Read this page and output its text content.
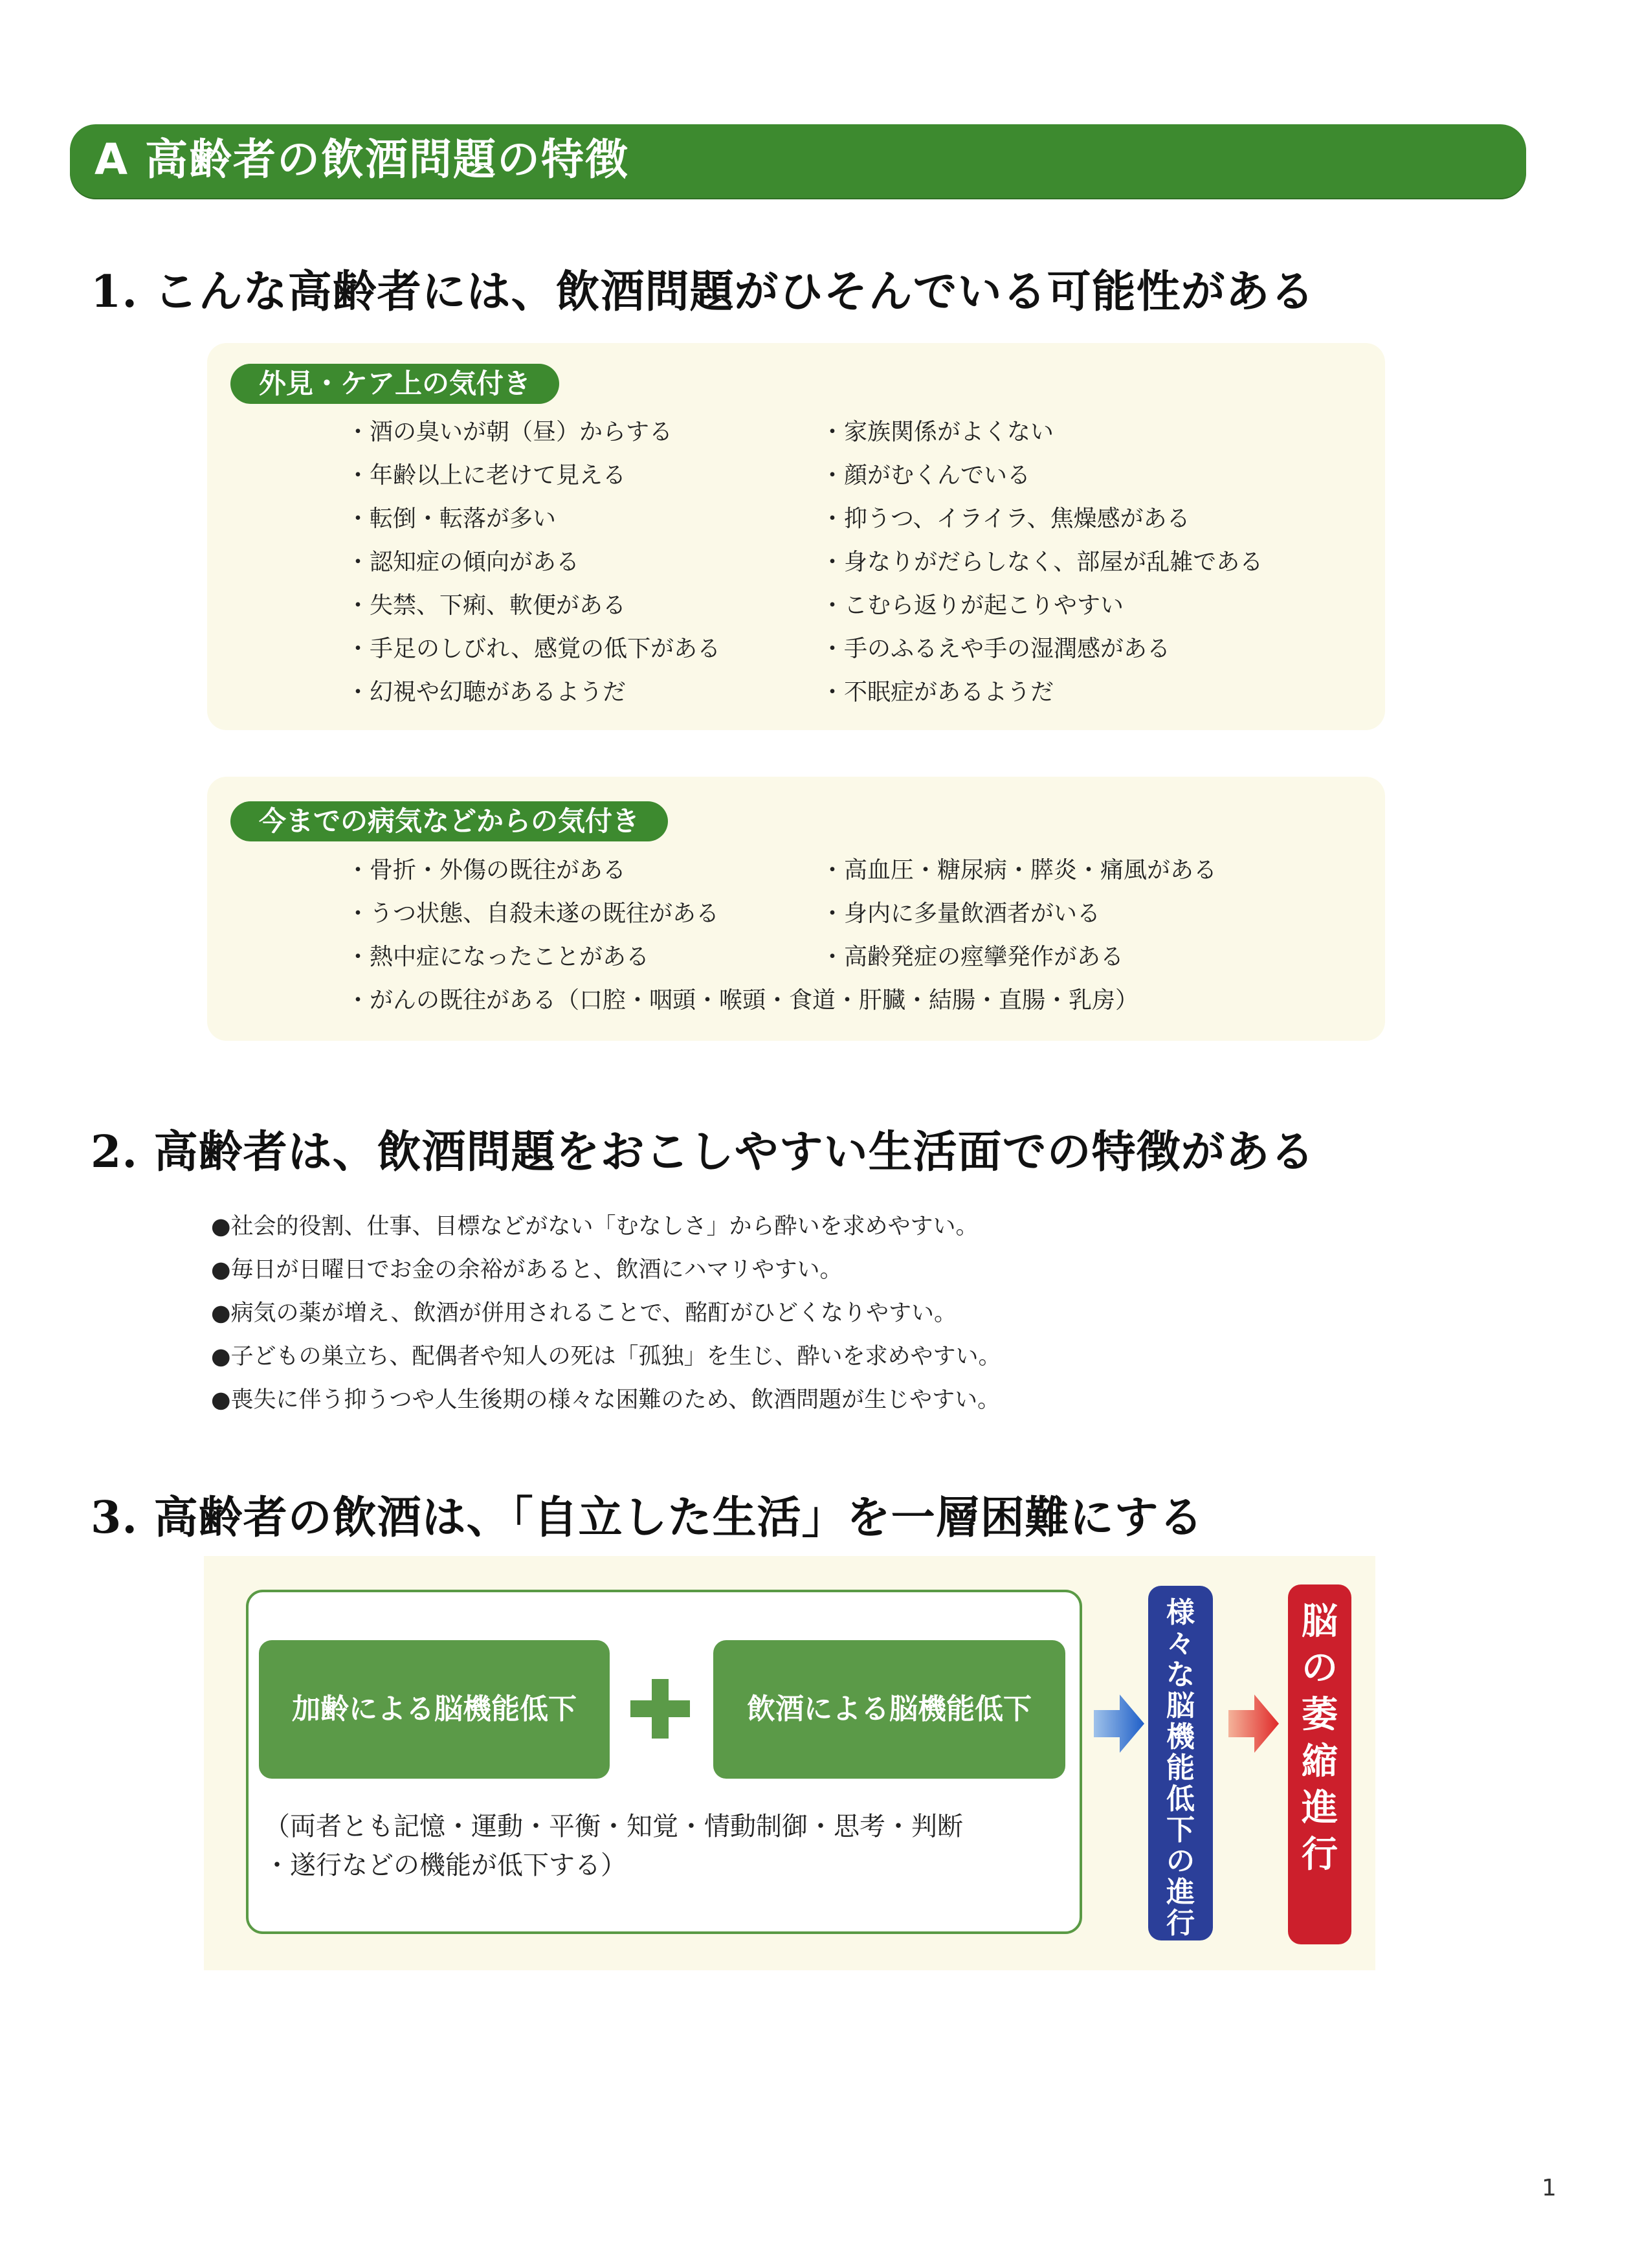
A 高齢者の飲酒問題の特徴
1. こんな高齢者には、飲酒問題がひそんでいる可能性がある
外見・ケア上の気付き
・酒の臭いが朝（昼）からする
・年齢以上に老けて見える
・転倒・転落が多い
・認知症の傾向がある
・失禁、下痢、軟便がある
・手足のしびれ、感覚の低下がある
・幻視や幻聴があるようだ
・家族関係がよくない
・顔がむくんでいる
・抑うつ、イライラ、焦燥感がある
・身なりがだらしなく、部屋が乱雑である
・こむら返りが起こりやすい
・手のふるえや手の湿潤感がある
・不眠症があるようだ
今までの病気などからの気付き
・骨折・外傷の既往がある
・うつ状態、自殺未遂の既往がある
・熱中症になったことがある
・高血圧・糖尿病・膵炎・痛風がある
・身内に多量飲酒者がいる
・高齢発症の痙攣発作がある
・がんの既往がある（口腔・咽頭・喉頭・食道・肝臓・結腸・直腸・乳房）
2. 高齢者は、飲酒問題をおこしやすい生活面での特徴がある
●社会的役割、仕事、目標などがない「むなしさ」から酔いを求めやすい。
●毎日が日曜日でお金の余裕があると、飲酒にハマリやすい。
●病気の薬が増え、飲酒が併用されることで、酩酊がひどくなりやすい。
●子どもの巣立ち、配偶者や知人の死は「孤独」を生じ、酔いを求めやすい。
●喪失に伴う抑うつや人生後期の様々な困難のため、飲酒問題が生じやすい。
3. 高齢者の飲酒は、「自立した生活」を一層困難にする
加齢による脳機能低下	飲酒による脳機能低下
（両者とも記憶・運動・平衡・知覚・情動制御・思考・判断
・遂行などの機能が低下する）
様
々
な
脳
機
能
低
下
の
進
行
脳
の
萎
縮
進
行
1
